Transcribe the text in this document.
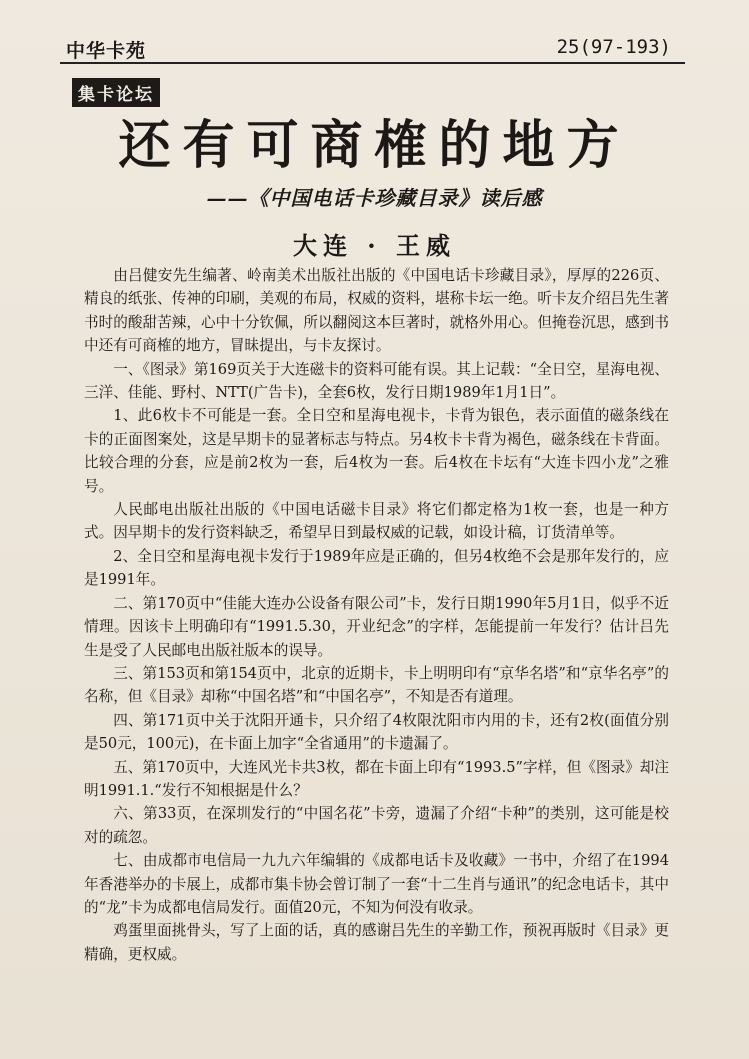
中华卡苑	25(97-193)
集卡论坛
还有可商榷的地方
——《中国电话卡珍藏目录》读后感
大连 · 王威

由吕健安先生编著、岭南美术出版社出版的《中国电话卡珍藏目录》，厚厚的226页、精良的纸张、传神的印刷，美观的布局，权威的资料，堪称卡坛一绝。听卡友介绍吕先生著书时的酸甜苦辣，心中十分钦佩，所以翻阅这本巨著时，就格外用心。但掩卷沉思，感到书中还有可商榷的地方，冒昧提出，与卡友探讨。

一、《图录》第169页关于大连磁卡的资料可能有误。其上记载：“全日空，星海电视、三洋、佳能、野村、NTT(广告卡)，全套6枚，发行日期1989年1月1日”。

1、此6枚卡不可能是一套。全日空和星海电视卡，卡背为银色，表示面值的磁条线在卡的正面图案处，这是早期卡的显著标志与特点。另4枚卡卡背为褐色，磁条线在卡背面。比较合理的分套，应是前2枚为一套，后4枚为一套。后4枚在卡坛有“大连卡四小龙”之雅号。

人民邮电出版社出版的《中国电话磁卡目录》将它们都定格为1枚一套，也是一种方式。因早期卡的发行资料缺乏，希望早日到最权威的记载，如设计稿，订货清单等。

2、全日空和星海电视卡发行于1989年应是正确的，但另4枚绝不会是那年发行的，应是1991年。

二、第170页中“佳能大连办公设备有限公司”卡，发行日期1990年5月1日，似乎不近情理。因该卡上明确印有“1991.5.30，开业纪念”的字样，怎能提前一年发行？估计吕先生是受了人民邮电出版社版本的误导。

三、第153页和第154页中，北京的近期卡，卡上明明印有“京华名塔”和“京华名亭”的名称，但《目录》却称“中国名塔”和“中国名亭”，不知是否有道理。

四、第171页中关于沈阳开通卡，只介绍了4枚限沈阳市内用的卡，还有2枚(面值分别是50元，100元)，在卡面上加字“全省通用”的卡遗漏了。

五、第170页中，大连风光卡共3枚，都在卡面上印有“1993.5”字样，但《图录》却注明1991.1.“发行不知根据是什么？

六、第33页，在深圳发行的“中国名花”卡旁，遗漏了介绍“卡种”的类别，这可能是校对的疏忽。

七、由成都市电信局一九九六年编辑的《成都电话卡及收藏》一书中，介绍了在1994年香港举办的卡展上，成都市集卡协会曾订制了一套“十二生肖与通讯”的纪念电话卡，其中的“龙”卡为成都电信局发行。面值20元，不知为何没有收录。

鸡蛋里面挑骨头，写了上面的话，真的感谢吕先生的辛勤工作，预祝再版时《目录》更精确，更权威。
